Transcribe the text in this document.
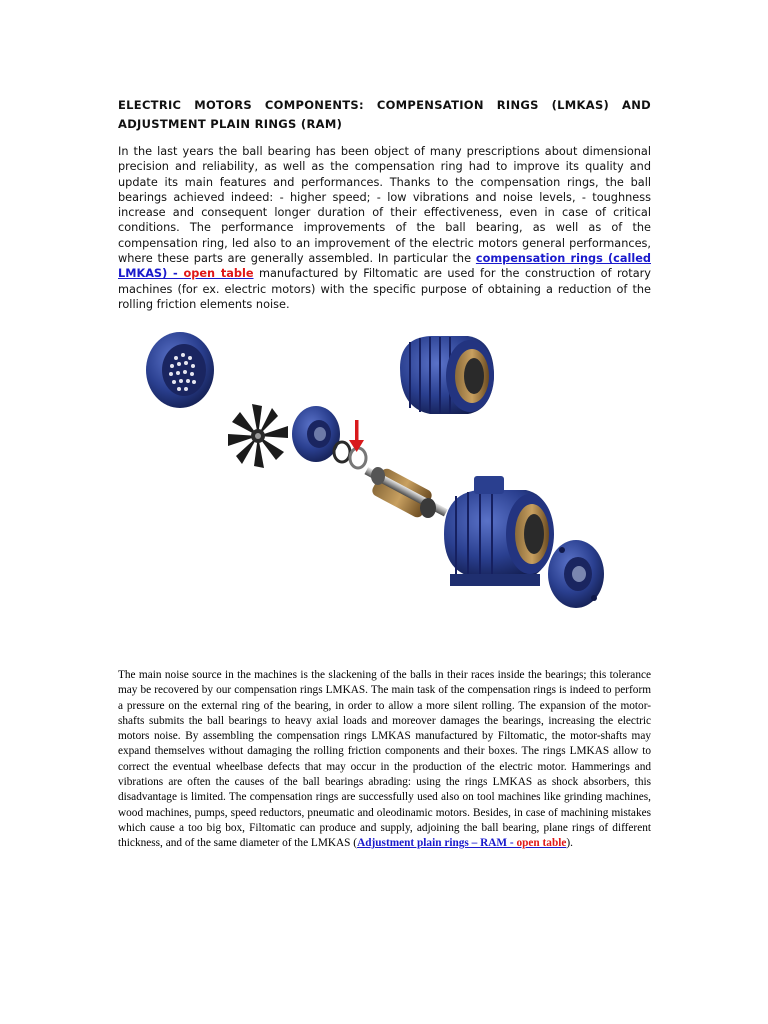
ELECTRIC MOTORS COMPONENTS: COMPENSATION RINGS (LMKAS) AND
ADJUSTMENT PLAIN RINGS (RAM)

In the last years the ball bearing has been object of many prescriptions about dimensional precision and reliability, as well as the compensation ring had to improve its quality and update its main features and performances. Thanks to the compensation rings, the ball bearings achieved indeed: - higher speed; - low vibrations and noise levels, - toughness increase and consequent longer duration of their effectiveness, even in case of critical conditions. The performance improvements of the ball bearing, as well as of the compensation ring, led also to an improvement of the electric motors general performances, where these parts are generally assembled. In particular the compensation rings (called LMKAS) - open table manufactured by Filtomatic are used for the construction of rotary machines (for ex. electric motors) with the specific purpose of obtaining a reduction of the rolling friction elements noise.

The main noise source in the machines is the slackening of the balls in their races inside the bearings; this tolerance may be recovered by our compensation rings LMKAS. The main task of the compensation rings is indeed to perform a pressure on the external ring of the bearing, in order to allow a more silent rolling. The expansion of the motor-shafts submits the ball bearings to heavy axial loads and moreover damages the bearings, increasing the electric motors noise. By assembling the compensation rings LMKAS manufactured by Filtomatic, the motor-shafts may expand themselves without damaging the rolling friction components and their boxes. The rings LMKAS allow to correct the eventual wheelbase defects that may occur in the production of the electric motor. Hammerings and vibrations are often the causes of the ball bearings abrading: using the rings LMKAS as shock absorbers, this disadvantage is limited. The compensation rings are successfully used also on tool machines like grinding machines, wood machines, pumps, speed reductors, pneumatic and oleodinamic motors. Besides, in case of machining mistakes which cause a too big box, Filtomatic can produce and supply, adjoining the ball bearing, plane rings of different thickness, and of the same diameter of the LMKAS (Adjustment plain rings – RAM - open table).
